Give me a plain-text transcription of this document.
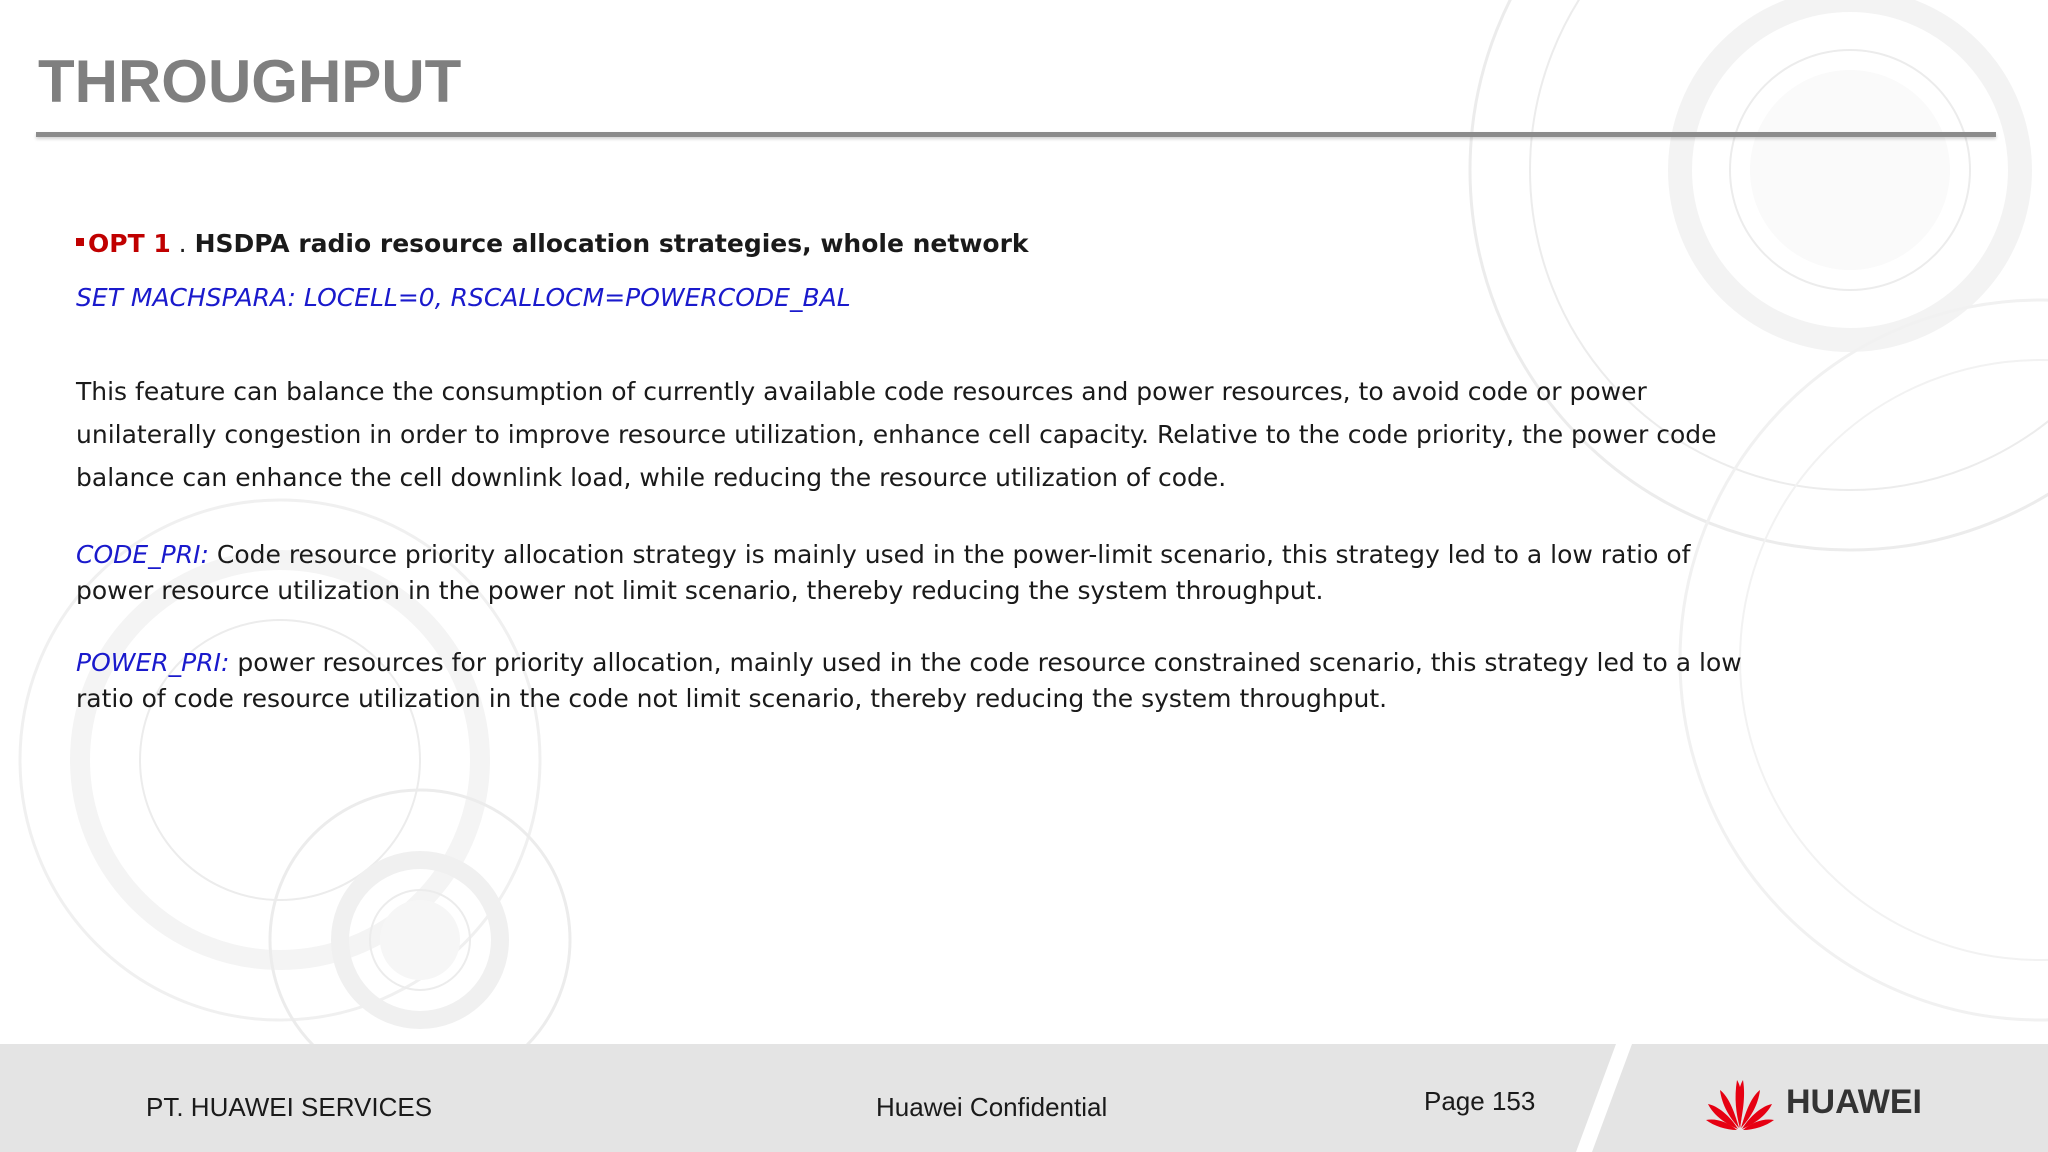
THROUGHPUT
OPT 1 . HSDPA radio resource allocation strategies, whole network
SET MACHSPARA: LOCELL=0, RSCALLOCM=POWERCODE_BAL
This feature can balance the consumption of currently available code resources and power resources, to avoid code or power unilaterally congestion in order to improve resource utilization, enhance cell capacity. Relative to the code priority, the power code balance can enhance the cell downlink load, while reducing the resource utilization of code.
CODE_PRI: Code resource priority allocation strategy is mainly used in the power-limit scenario, this strategy led to a low ratio of power resource utilization in the power not limit scenario, thereby reducing the system throughput.
POWER_PRI: power resources for priority allocation, mainly used in the code resource constrained scenario, this strategy led to a low ratio of code resource utilization in the code not limit scenario, thereby reducing the system throughput.
PT. HUAWEI SERVICES	Huawei Confidential	Page 153	HUAWEI
